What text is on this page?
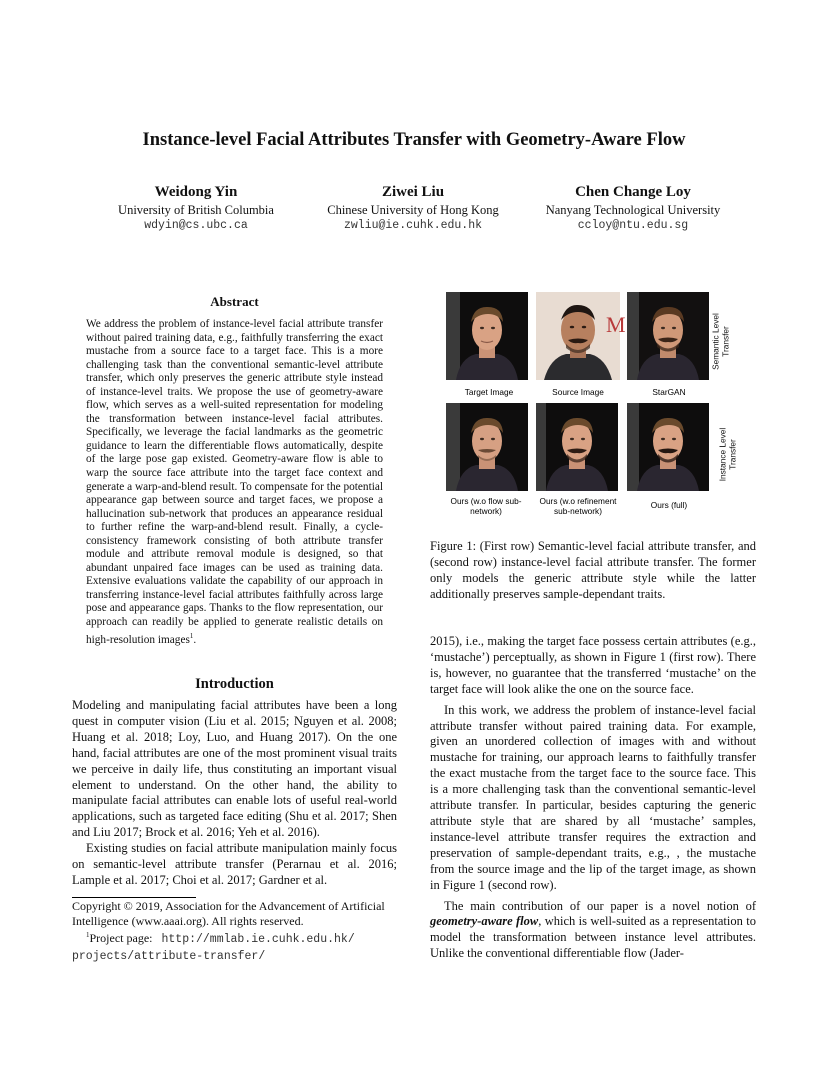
Instance-level Facial Attributes Transfer with Geometry-Aware Flow
Weidong Yin
University of British Columbia
wdyin@cs.ubc.ca
Ziwei Liu
Chinese University of Hong Kong
zwliu@ie.cuhk.edu.hk
Chen Change Loy
Nanyang Technological University
ccloy@ntu.edu.sg
Abstract

We address the problem of instance-level facial attribute transfer without paired training data, e.g., faithfully transferring the exact mustache from a source face to a target face. This is a more challenging task than the conventional semantic-level attribute transfer, which only preserves the generic attribute style instead of instance-level traits. We propose the use of geometry-aware flow, which serves as a well-suited representation for modeling the transformation between instance-level facial attributes. Specifically, we leverage the facial landmarks as the geometric guidance to learn the differentiable flows automatically, despite of the large pose gap existed. Geometry-aware flow is able to warp the source face attribute into the target face context and generate a warp-and-blend result. To compensate for the potential appearance gap between source and target faces, we propose a hallucination sub-network that produces an appearance residual to further refine the warp-and-blend result. Finally, a cycle-consistency framework consisting of both attribute transfer module and attribute removal module is designed, so that abundant unpaired face images can be used as training data. Extensive evaluations validate the capability of our approach in transferring instance-level facial attributes faithfully across large pose and appearance gaps. Thanks to the flow representation, our approach can readily be applied to generate realistic details on high-resolution images$^1$.

Introduction

Modeling and manipulating facial attributes have been a long quest in computer vision (Liu et al. 2015; Nguyen et al. 2008; Huang et al. 2018; Loy, Luo, and Huang 2017). On the one hand, facial attributes are one of the most prominent visual traits we perceive in daily life, thus constituting an important visual element to understand. On the other hand, the ability to manipulate facial attributes can enable lots of useful real-world applications, such as targeted face editing (Shu et al. 2017; Shen and Liu 2017; Brock et al. 2016; Yeh et al. 2016).

Existing studies on facial attribute manipulation mainly focus on semantic-level attribute transfer (Perarnau et al. 2016; Lample et al. 2017; Choi et al. 2017; Gardner et al.

Copyright © 2019, Association for the Advancement of Artificial Intelligence (www.aaai.org). All rights reserved.

$^1$Project page: http://mmlab.ie.cuhk.edu.hk/

projects/attribute-transfer/

M
Target Image	Source Image	StarGAN
Semantic Level Transfer
Ours (w.o flow sub-network)
Ours (w.o refinement sub-network)
Ours (full)
Instance Level Transfer

Figure 1: (First row) Semantic-level facial attribute transfer, and (second row) instance-level facial attribute transfer. The former only models the generic attribute style while the latter additionally preserves sample-dependant traits.

2015), i.e., making the target face possess certain attributes (e.g., ‘mustache’) perceptually, as shown in Figure 1 (first row). There is, however, no guarantee that the transferred ‘mustache’ on the target face will look alike the one on the source face.

In this work, we address the problem of instance-level facial attribute transfer without paired training data. For example, given an unordered collection of images with and without mustache for training, our approach learns to faithfully transfer the exact mustache from the target face to the source face. This is a more challenging task than the conventional semantic-level attribute transfer. In particular, besides capturing the generic attribute style that are shared by all ‘mustache’ samples, instance-level attribute transfer requires the extraction and preservation of sample-dependant traits, e.g., , the mustache from the source image and the lip of the target image, as shown in Figure 1 (second row).

The main contribution of our paper is a novel notion of geometry-aware flow, which is well-suited as a representation to model the transformation between instance level attributes. Unlike the conventional differentiable flow (Jader-
